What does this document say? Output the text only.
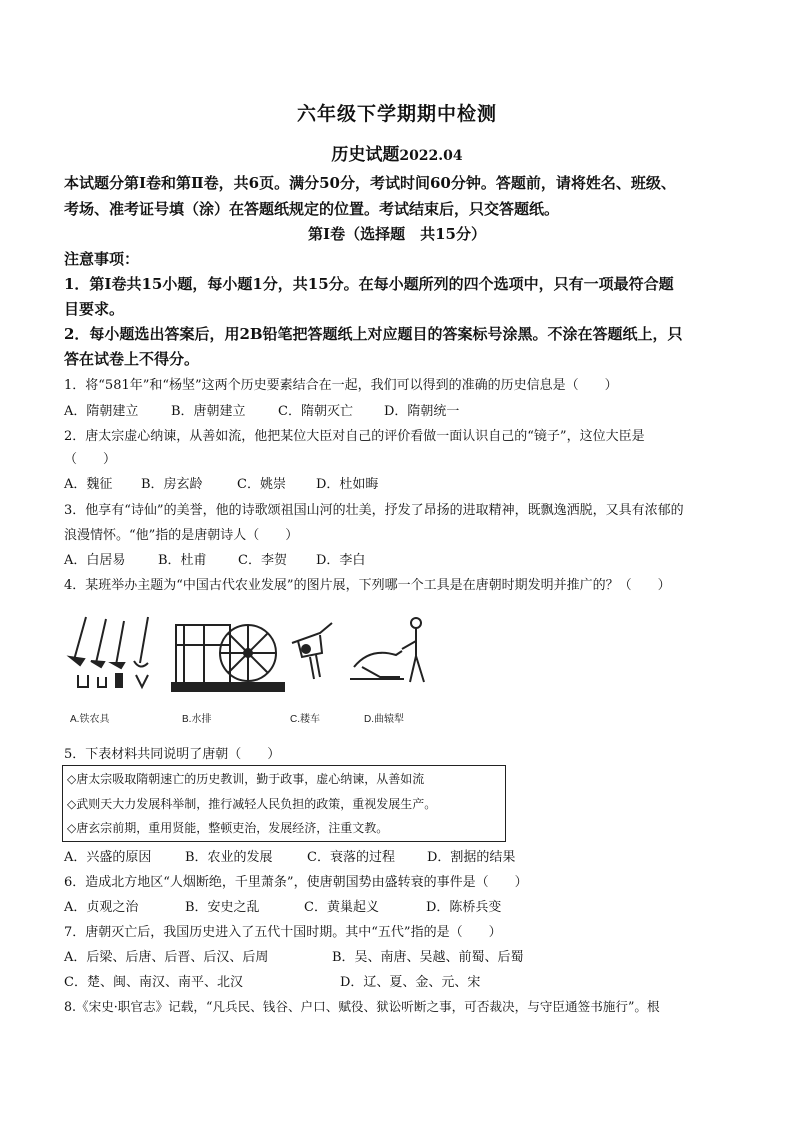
六年级下学期期中检测
历史试题2022.04
本试题分第Ⅰ卷和第Ⅱ卷，共6页。满分50分，考试时间60分钟。答题前，请将姓名、班级、
考场、准考证号填（涂）在答题纸规定的位置。考试结束后，只交答题纸。
第Ⅰ卷（选择题　共15分）
注意事项：
1．第Ⅰ卷共15小题，每小题1分，共15分。在每小题所列的四个选项中，只有一项最符合题
目要求。
2．每小题选出答案后，用2B铅笔把答题纸上对应题目的答案标号涂黑。不涂在答题纸上，只
答在试卷上不得分。
1．将“581年”和“杨坚”这两个历史要素结合在一起，我们可以得到的准确的历史信息是（　　）
A．隋朝建立	B．唐朝建立 C．隋朝灭亡 D．隋朝统一
2．唐太宗虚心纳谏，从善如流，他把某位大臣对自己的评价看做一面认识自己的“镜子”，这位大臣是
（　　）
A．魏征 B．房玄龄	C．姚崇 D．杜如晦
3．他享有“诗仙”的美誉，他的诗歌颂祖国山河的壮美，抒发了昂扬的进取精神，既飘逸洒脱，又具有浓郁的
浪漫情怀。“他”指的是唐朝诗人（　　）
A．白居易	B．杜甫 C．李贺 D．李白
4．某班举办主题为“中国古代农业发展”的图片展，下列哪一个工具是在唐朝时期发明并推广的？（　　）
A.铁农具	B.水排	C.耧车	D.曲辕犁
5．下表材料共同说明了唐朝（　　）
◇唐太宗吸取隋朝速亡的历史教训，勤于政事，虚心纳谏，从善如流
◇武则天大力发展科举制，推行减轻人民负担的政策，重视发展生产。
◇唐玄宗前期，重用贤能，整顿吏治，发展经济，注重文教。
A．兴盛的原因	B．农业的发展	C．衰落的过程 D．割据的结果
6．造成北方地区“人烟断绝，千里萧条”，使唐朝国势由盛转衰的事件是（　　）
A．贞观之治	B．安史之乱	C．黄巢起义	D．陈桥兵变
7．唐朝灭亡后，我国历史进入了五代十国时期。其中“五代”指的是（　　）
A．后梁、后唐、后晋、后汉、后周	B．吴、南唐、吴越、前蜀、后蜀
C．楚、闽、南汉、南平、北汉	D．辽、夏、金、元、宋
8.《宋史·职官志》记载，“凡兵民、钱谷、户口、赋役、狱讼听断之事，可否裁决，与守臣通签书施行”。根
